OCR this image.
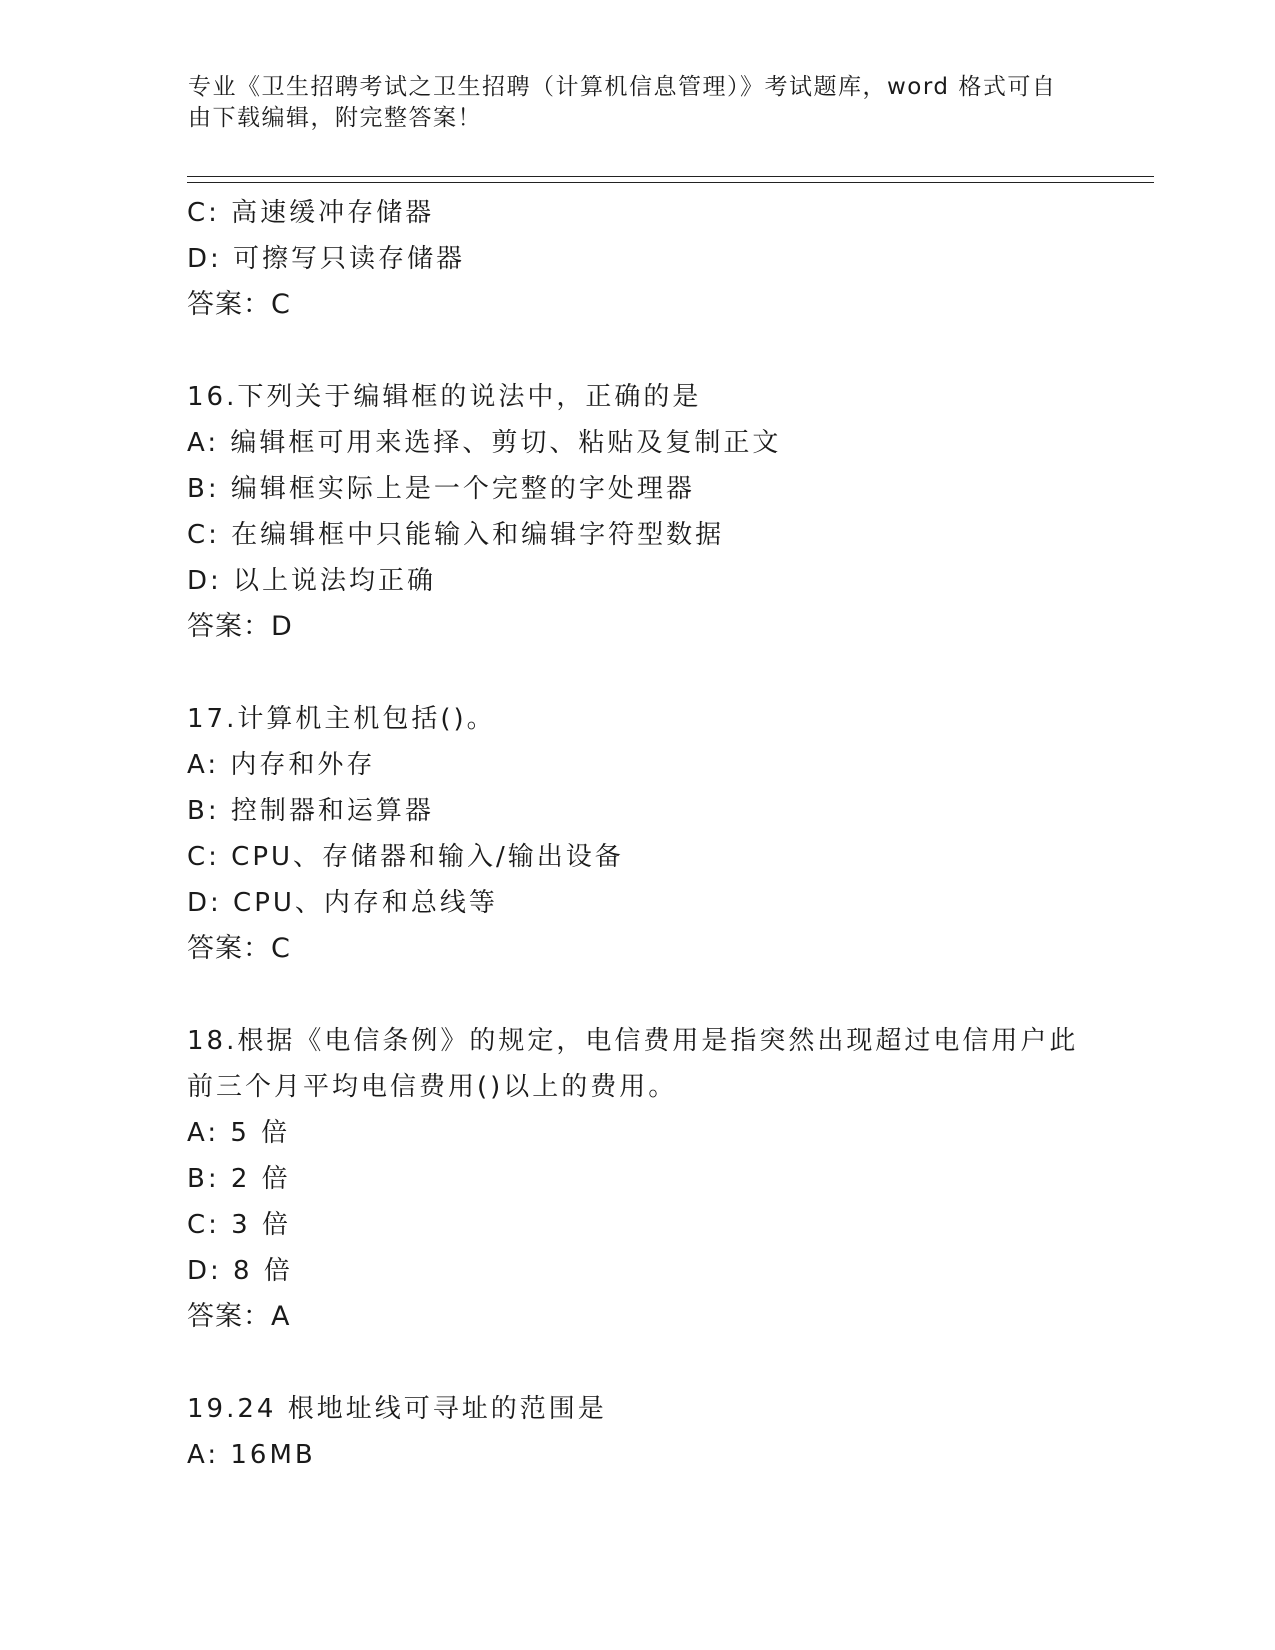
专业《卫生招聘考试之卫生招聘（计算机信息管理）》考试题库，word 格式可自

由下载编辑，附完整答案！

C: 高速缓冲存储器
D: 可擦写只读存储器
答案：C
16.下列关于编辑框的说法中，正确的是
A: 编辑框可用来选择、剪切、粘贴及复制正文
B: 编辑框实际上是一个完整的字处理器
C: 在编辑框中只能输入和编辑字符型数据
D: 以上说法均正确
答案：D
17.计算机主机包括()。
A: 内存和外存
B: 控制器和运算器
C: CPU、存储器和输入/输出设备
D: CPU、内存和总线等
答案：C
18.根据《电信条例》的规定，电信费用是指突然出现超过电信用户此
前三个月平均电信费用()以上的费用。
A: 5 倍
B: 2 倍
C: 3 倍
D: 8 倍
答案：A
19.24 根地址线可寻址的范围是
A: 16MB
